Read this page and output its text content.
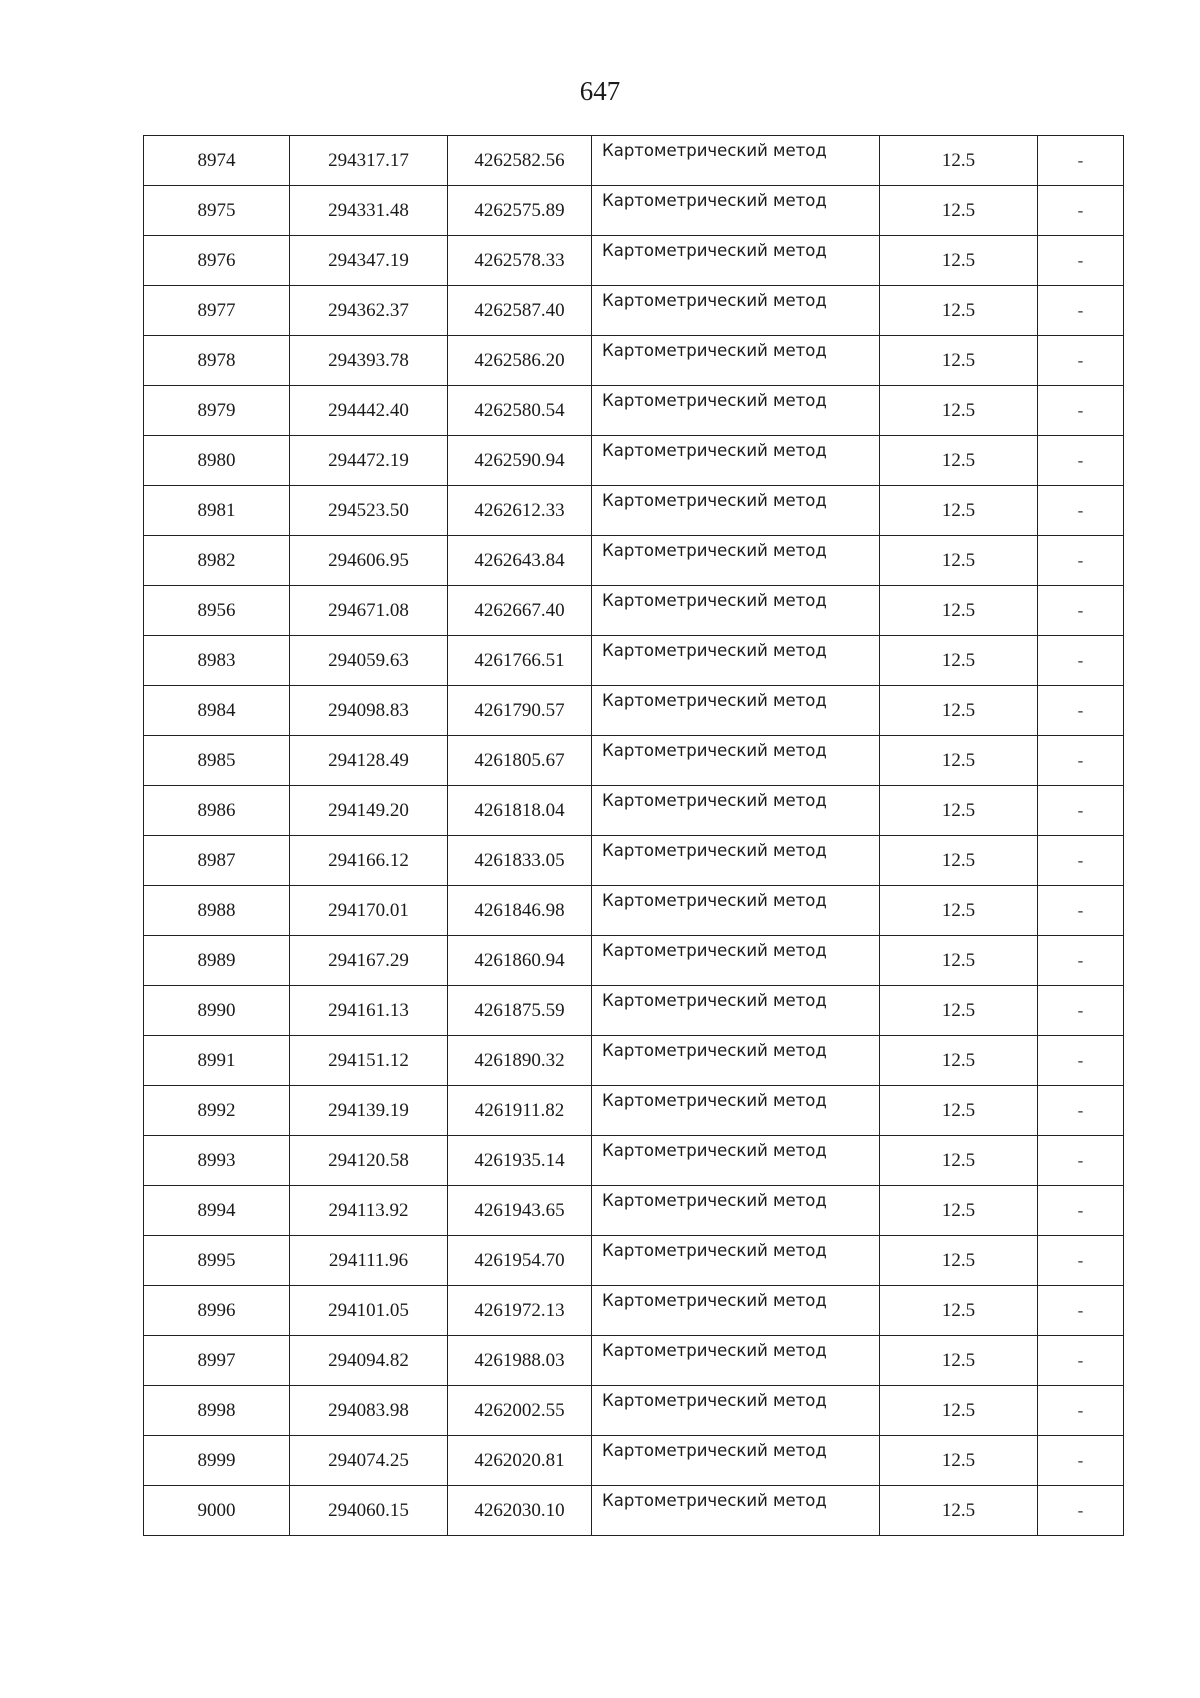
647
8974	294317.17	4262582.56	Картометрический метод	12.5	-
8975	294331.48	4262575.89	Картометрический метод	12.5	-
8976	294347.19	4262578.33	Картометрический метод	12.5	-
8977	294362.37	4262587.40	Картометрический метод	12.5	-
8978	294393.78	4262586.20	Картометрический метод	12.5	-
8979	294442.40	4262580.54	Картометрический метод	12.5	-
8980	294472.19	4262590.94	Картометрический метод	12.5	-
8981	294523.50	4262612.33	Картометрический метод	12.5	-
8982	294606.95	4262643.84	Картометрический метод	12.5	-
8956	294671.08	4262667.40	Картометрический метод	12.5	-
8983	294059.63	4261766.51	Картометрический метод	12.5	-
8984	294098.83	4261790.57	Картометрический метод	12.5	-
8985	294128.49	4261805.67	Картометрический метод	12.5	-
8986	294149.20	4261818.04	Картометрический метод	12.5	-
8987	294166.12	4261833.05	Картометрический метод	12.5	-
8988	294170.01	4261846.98	Картометрический метод	12.5	-
8989	294167.29	4261860.94	Картометрический метод	12.5	-
8990	294161.13	4261875.59	Картометрический метод	12.5	-
8991	294151.12	4261890.32	Картометрический метод	12.5	-
8992	294139.19	4261911.82	Картометрический метод	12.5	-
8993	294120.58	4261935.14	Картометрический метод	12.5	-
8994	294113.92	4261943.65	Картометрический метод	12.5	-
8995	294111.96	4261954.70	Картометрический метод	12.5	-
8996	294101.05	4261972.13	Картометрический метод	12.5	-
8997	294094.82	4261988.03	Картометрический метод	12.5	-
8998	294083.98	4262002.55	Картометрический метод	12.5	-
8999	294074.25	4262020.81	Картометрический метод	12.5	-
9000	294060.15	4262030.10	Картометрический метод	12.5	-
